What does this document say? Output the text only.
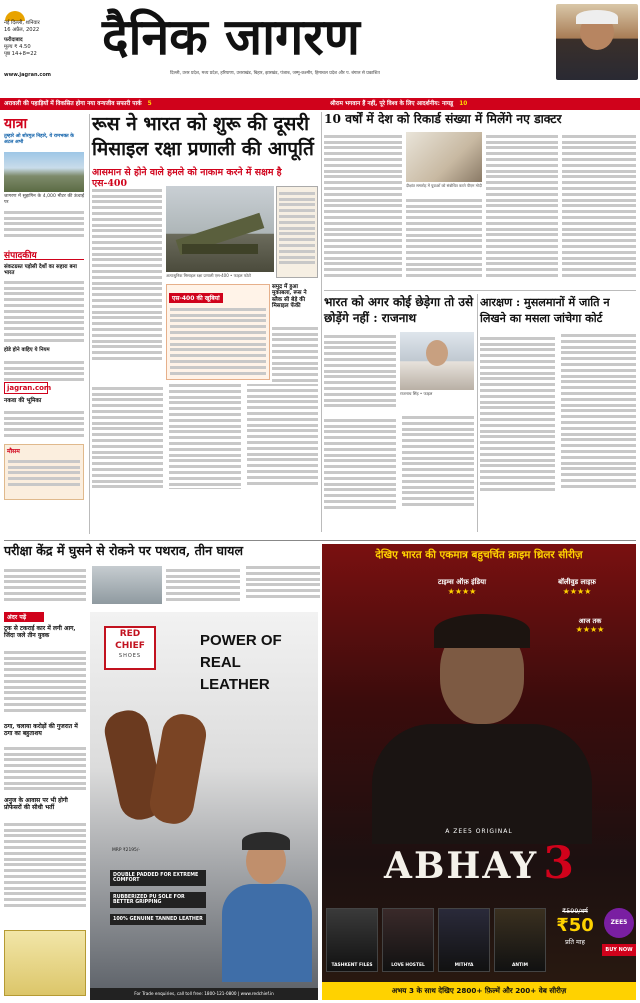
नई दिल्ली, शनिवार
16 अप्रैल, 2022
फरीदाबाद
मूल्य ₹ 4.50
पृष्ठ 14+8=22	दैनिक जागरण
दिल्ली, उत्तर प्रदेश, मध्य प्रदेश, हरियाणा, उत्तराखंड, बिहार, झारखंड, पंजाब, जम्मू-कश्मीर, हिमाचल प्रदेश और प. बंगाल से प्रकाशित
www.jagran.com
अरावली की पहाड़ियों में विकसित होगा नया वन्यजीव सफारी पार्क 5	श्रीराम भगवान हैं नहीं, पूरे विश्व के लिए आदर्शनीय: नायडू 10
यात्रा
तुम्हारे ओ शोरगुल निहारे, ये रामभक्त के अटल अभी
जागरण में सुहागिन के 4,000 मीटर की ऊंचाई पर
संपादकीय
संकटग्रस्त पड़ोसी देशों का सहारा बना भारत
होडे होने वाहिए ये नियम
jagran.com
नकवा की भूमिका
मौसम
रूस ने भारत को शुरू की दूसरी मिसाइल रक्षा प्रणाली की आपूर्ति
आसमान से होने वाले हमले को नाकाम करने में सक्षम है एस-400
अत्याधुनिक मिसाइल रक्षा प्रणाली एस-400 • फाइल फोटो
एस-400 की खूबियां
समुद्र में हुआ मुकाबला, रूस ने ब्लैक सी बेड़े की मिसाइल फेंकी
10 वर्षों में देश को रिकार्ड संख्या में मिलेंगे नए डाक्टर
दीक्षांत समारोह में युवाओं को संबोधित करते पीएम मोदी
भारत को अगर कोई छेड़ेगा तो उसे छोड़ेंगे नहीं : राजनाथ
राजनाथ सिंह • फाइल
आरक्षण : मुसलमानों में जाति न लिखने का मसला जांचेगा कोर्ट
परीक्षा केंद्र में घुसने से रोकने पर पथराव, तीन घायल
अंदर पढ़ें
ट्रक से टकराई कार में लगी आग, जिंदा जले तीन युवक
ठगा, चलाया करोड़ों की गुजरात में ठगा का बहुताशय
अनुज के आवास पर भी होगी प्रोफेसरों की सीधी भर्ती
RED
CHIEF
SHOES
POWER OF REAL LEATHER
MRP ₹2195/-
DOUBLE PADDED FOR EXTREME COMFORT
RUBBERIZED PU SOLE FOR BETTER GRIPPING
100% GENUINE TANNED LEATHER
For Trade enquiries, call toll free: 1800-121-0800 | www.redchief.in
देखिए भारत की एकमात्र बहुचर्चित क्राइम थ्रिलर सीरीज़
टाइम्स ऑफ़ इंडिया
★★★★
बॉलीवुड लाइफ़
★★★★
आज तक
★★★★
A ZEE5 ORIGINAL
ABHAY 3
TASHKENT FILES	LOVE HOSTEL	MITHYA	ANTIM
₹599/वर्ष
₹50
प्रति माह
ZEE5
BUY NOW
अभय 3 के साथ देखिए 2800+ फ़िल्में और 200+ वेब सीरीज़
